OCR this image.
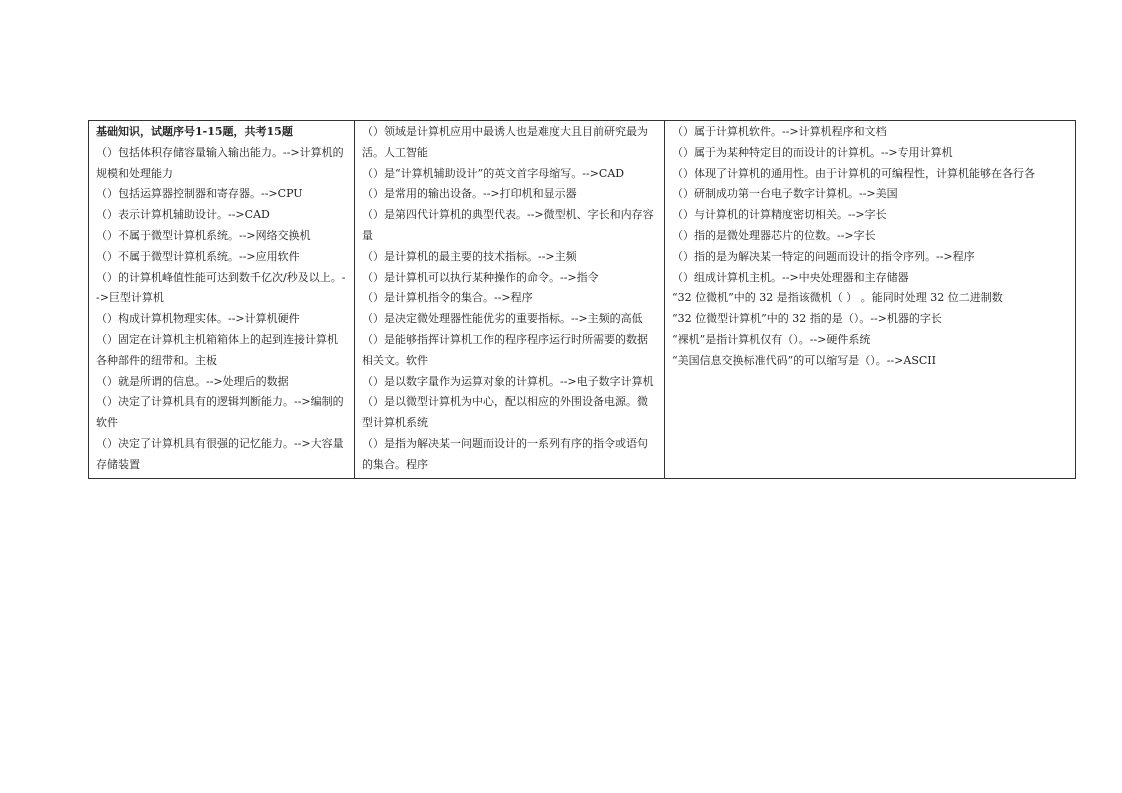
基础知识，试题序号1-15题，共考15题
（）包括体积存储容量输入输出能力。-->计算机的规模和处理能力
（）包括运算器控制器和寄存器。-->CPU
（）表示计算机辅助设计。-->CAD
（）不属于微型计算机系统。-->网络交换机
（）不属于微型计算机系统。-->应用软件
（）的计算机峰值性能可达到数千亿次/秒及以上。-->巨型计算机
（）构成计算机物理实体。-->计算机硬件
（）固定在计算机主机箱箱体上的起到连接计算机各种部件的纽带和。主板
（）就是所谓的信息。-->处理后的数据
（）决定了计算机具有的逻辑判断能力。-->编制的软件
（）决定了计算机具有很强的记忆能力。-->大容量存储装置

（）领域是计算机应用中最诱人也是难度大且目前研究最为活。人工智能
（）是“计算机辅助设计”的英文首字母缩写。-->CAD
（）是常用的输出设备。-->打印机和显示器
（）是第四代计算机的典型代表。-->微型机、字长和内存容量
（）是计算机的最主要的技术指标。-->主频
（）是计算机可以执行某种操作的命令。-->指令
（）是计算机指令的集合。-->程序
（）是决定微处理器性能优劣的重要指标。-->主频的高低
（）是能够指挥计算机工作的程序程序运行时所需要的数据相关文。软件
（）是以数字量作为运算对象的计算机。-->电子数字计算机
（）是以微型计算机为中心，配以相应的外围设备电源。微型计算机系统
（）是指为解决某一问题而设计的一系列有序的指令或语句的集合。程序

（）属于计算机软件。-->计算机程序和文档
（）属于为某种特定目的而设计的计算机。-->专用计算机
（）体现了计算机的通用性。由于计算机的可编程性，计算机能够在各行各
（）研制成功第一台电子数字计算机。-->美国
（）与计算机的计算精度密切相关。-->字长
（）指的是微处理器芯片的位数。-->字长
（）指的是为解决某一特定的问题而设计的指令序列。-->程序
（）组成计算机主机。-->中央处理器和主存储器
“32 位微机”中的 32 是指该微机（ ） 。能同时处理 32 位二进制数
“32 位微型计算机”中的 32 指的是（）。-->机器的字长
“裸机”是指计算机仅有（）。-->硬件系统
“美国信息交换标准代码”的可以缩写是（）。-->ASCII
